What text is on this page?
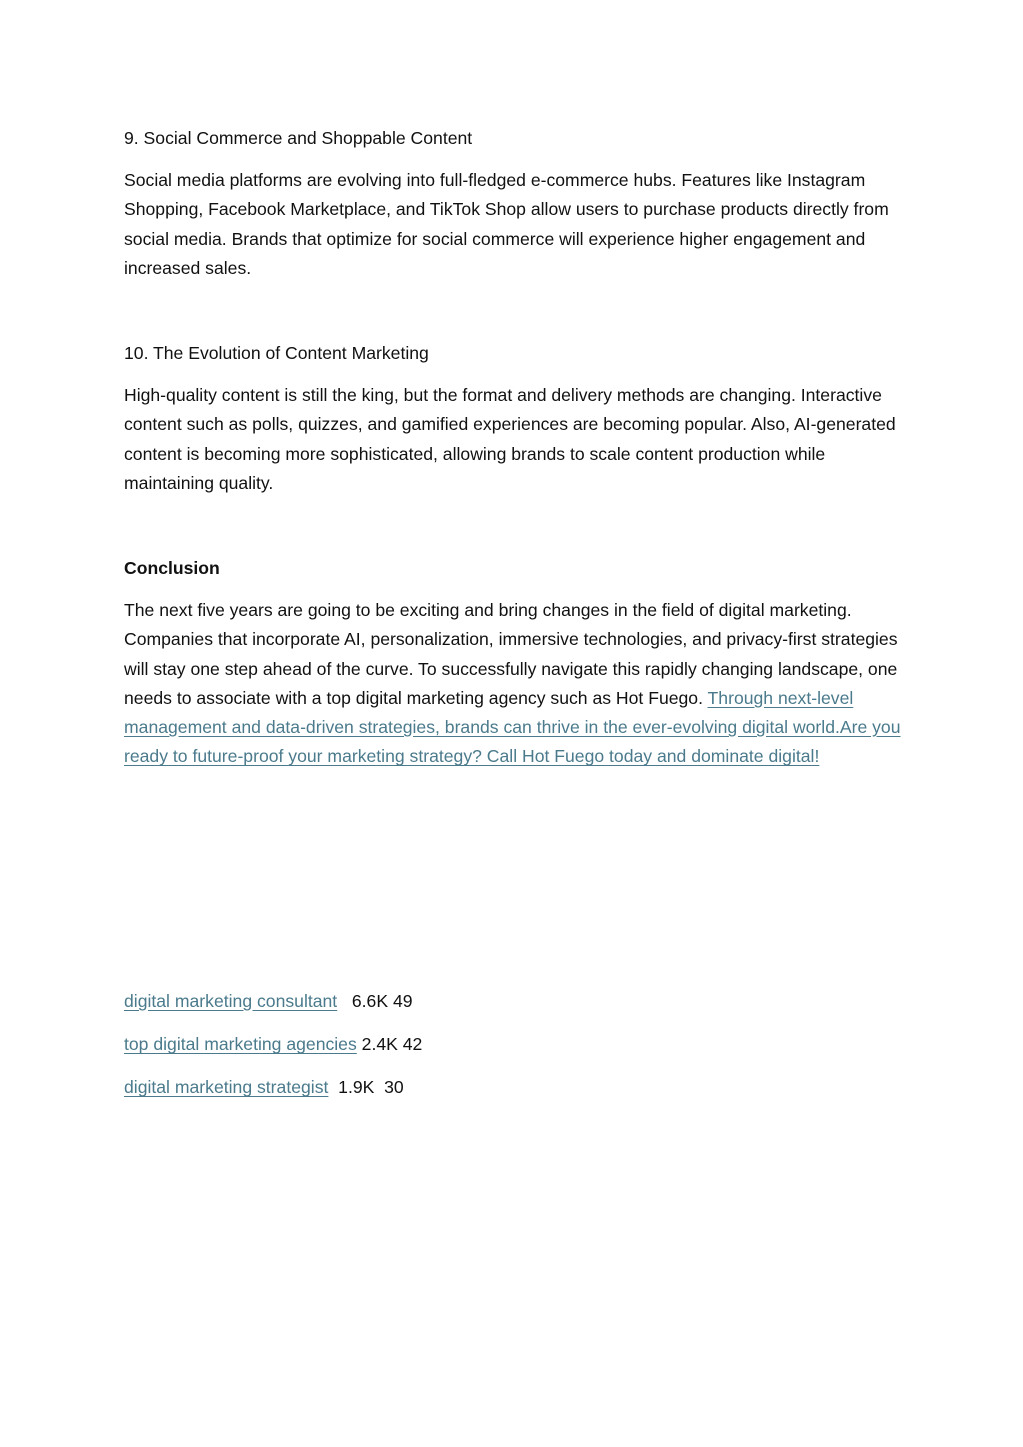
9. Social Commerce and Shoppable Content

Social media platforms are evolving into full-fledged e-commerce hubs. Features like Instagram Shopping, Facebook Marketplace, and TikTok Shop allow users to purchase products directly from social media. Brands that optimize for social commerce will experience higher engagement and increased sales.

10. The Evolution of Content Marketing

High-quality content is still the king, but the format and delivery methods are changing. Interactive content such as polls, quizzes, and gamified experiences are becoming popular. Also, AI-generated content is becoming more sophisticated, allowing brands to scale content production while maintaining quality.

Conclusion

The next five years are going to be exciting and bring changes in the field of digital marketing. Companies that incorporate AI, personalization, immersive technologies, and privacy-first strategies will stay one step ahead of the curve. To successfully navigate this rapidly changing landscape, one needs to associate with a top digital marketing agency such as Hot Fuego. Through next-level management and data-driven strategies, brands can thrive in the ever-evolving digital world.Are you ready to future-proof your marketing strategy? Call Hot Fuego today and dominate digital!

digital marketing consultant 6.6K 49

top digital marketing agencies 2.4K 42

digital marketing strategist 1.9K 30
